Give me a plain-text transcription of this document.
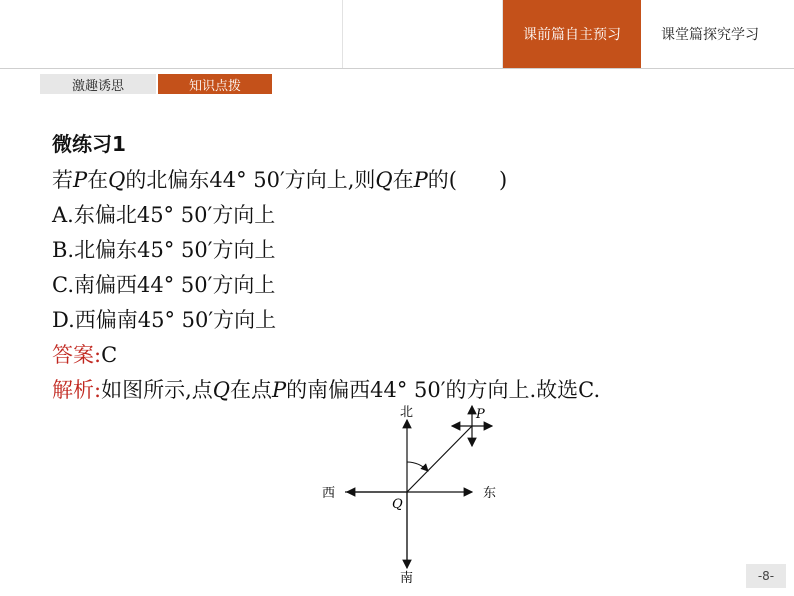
课前篇自主预习	课堂篇探究学习
激趣诱思	知识点拨
微练习1
若P在Q的北偏东44° 50′方向上,则Q在P的(　　)
A.东偏北45° 50′方向上
B.北偏东45° 50′方向上
C.南偏西44° 50′方向上
D.西偏南45° 50′方向上
答案:C
解析:如图所示,点Q在点P的南偏西44° 50′的方向上.故选C.
北
南
东
西
P
Q
-8-
